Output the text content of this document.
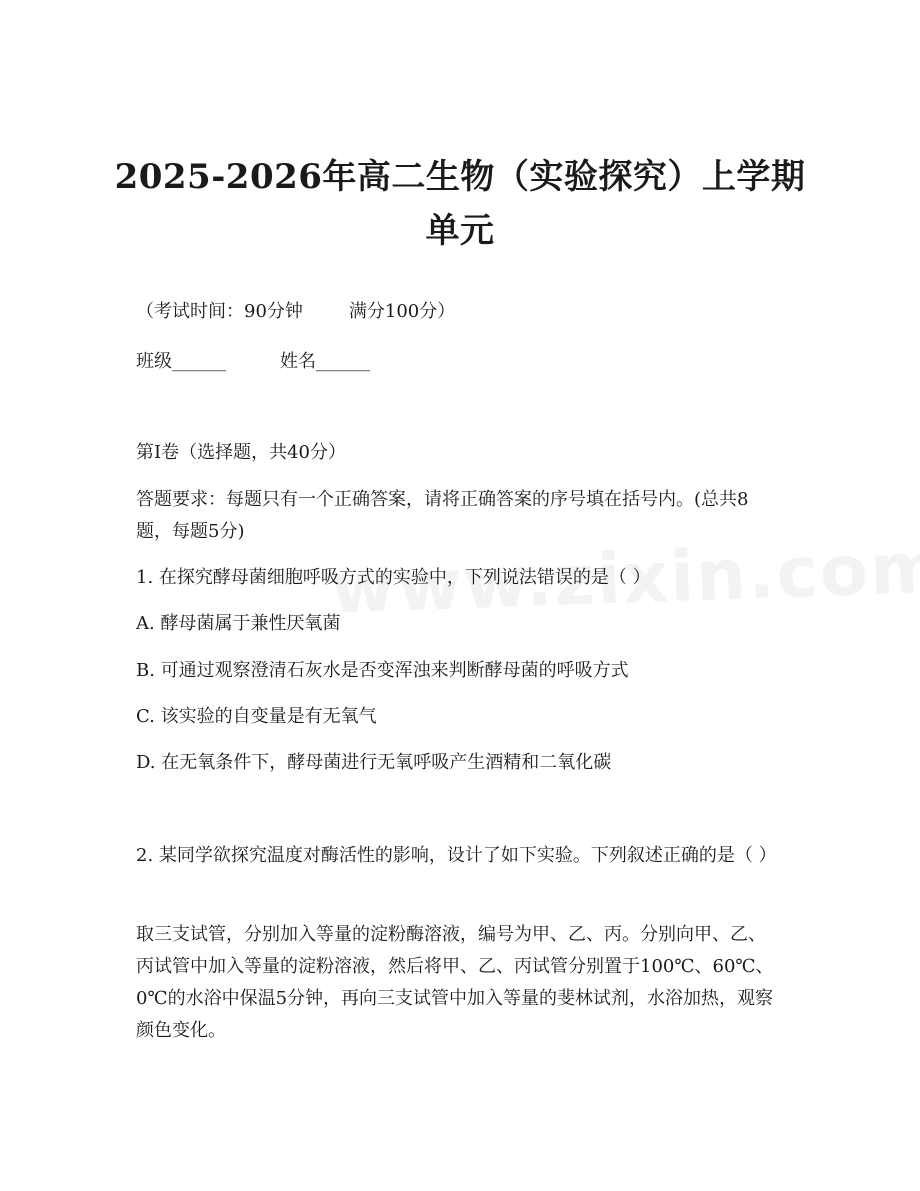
2025-2026年高二生物（实验探究）上学期
单元
（考试时间：90分钟	满分100分）
班级______	姓名______
第I卷（选择题，共40分）
答题要求：每题只有一个正确答案，请将正确答案的序号填在括号内。(总共8题，每题5分)
1. 在探究酵母菌细胞呼吸方式的实验中，下列说法错误的是（ ）
A. 酵母菌属于兼性厌氧菌
B. 可通过观察澄清石灰水是否变浑浊来判断酵母菌的呼吸方式
C. 该实验的自变量是有无氧气
D. 在无氧条件下，酵母菌进行无氧呼吸产生酒精和二氧化碳
2. 某同学欲探究温度对酶活性的影响，设计了如下实验。下列叙述正确的是（ ）
取三支试管，分别加入等量的淀粉酶溶液，编号为甲、乙、丙。分别向甲、乙、丙试管中加入等量的淀粉溶液，然后将甲、乙、丙试管分别置于100℃、60℃、0℃的水浴中保温5分钟，再向三支试管中加入等量的斐林试剂，水浴加热，观察颜色变化。
